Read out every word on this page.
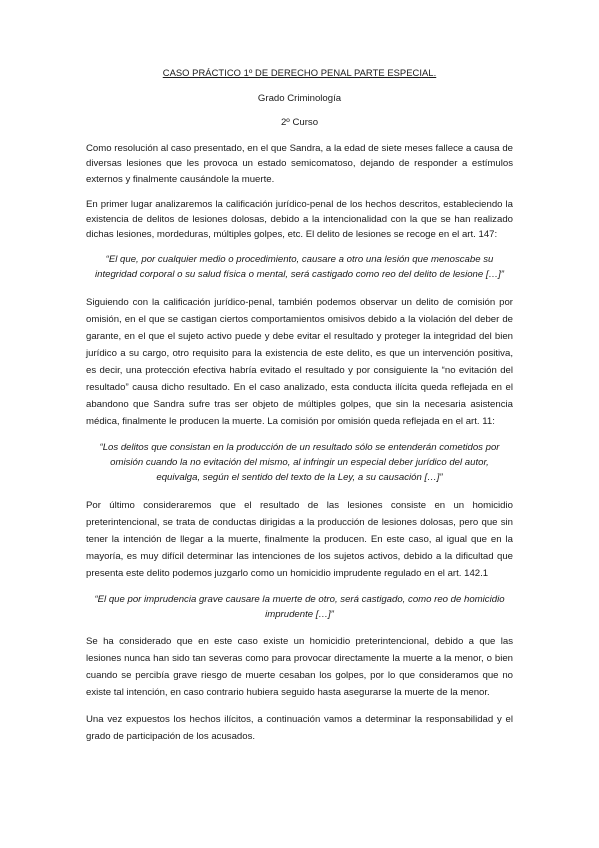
CASO PRÁCTICO 1º DE DERECHO PENAL PARTE ESPECIAL.
Grado Criminología
2º Curso

Como resolución al caso presentado, en el que Sandra, a la edad de siete meses fallece a causa de diversas lesiones que les provoca un estado semicomatoso, dejando de responder a estímulos externos y finalmente causándole la muerte.

En primer lugar analizaremos la calificación jurídico-penal de los hechos descritos, estableciendo la existencia de delitos de lesiones dolosas, debido a la intencionalidad con la que se han realizado dichas lesiones, mordeduras, múltiples golpes, etc. El delito de lesiones se recoge en el art. 147:

“El que, por cualquier medio o procedimiento, causare a otro una lesión que menoscabe su integridad corporal o su salud física o mental, será castigado como reo del delito de lesione […]”

Siguiendo con la calificación jurídico-penal, también podemos observar un delito de comisión por omisión, en el que se castigan ciertos comportamientos omisivos debido a la violación del deber de garante, en el que el sujeto activo puede y debe evitar el resultado y proteger la integridad del bien jurídico a su cargo, otro requisito para la existencia de este delito, es que un intervención positiva, es decir, una protección efectiva habría evitado el resultado y por consiguiente la “no evitación del resultado” causa dicho resultado. En el caso analizado, esta conducta ilícita queda reflejada en el abandono que Sandra sufre tras ser objeto de múltiples golpes, que sin la necesaria asistencia médica, finalmente le producen la muerte. La comisión por omisión queda reflejada en el art. 11:

“Los delitos que consistan en la producción de un resultado sólo se entenderán cometidos por omisión cuando la no evitación del mismo, al infringir un especial deber jurídico del autor, equivalga, según el sentido del texto de la Ley, a su causación […]”

Por último consideraremos que el resultado de las lesiones consiste en un homicidio preterintencional, se trata de conductas dirigidas a la producción de lesiones dolosas, pero que sin tener la intención de llegar a la muerte, finalmente la producen. En este caso, al igual que en la mayoría, es muy difícil determinar las intenciones de los sujetos activos, debido a la dificultad que presenta este delito podemos juzgarlo como un homicidio imprudente regulado en el art. 142.1

“El que por imprudencia grave causare la muerte de otro, será castigado, como reo de homicidio imprudente […]”

Se ha considerado que en este caso existe un homicidio preterintencional, debido a que las lesiones nunca han sido tan severas como para provocar directamente la muerte a la menor, o bien cuando se percibía grave riesgo de muerte cesaban los golpes, por lo que consideramos que no existe tal intención, en caso contrario hubiera seguido hasta asegurarse la muerte de la menor.

Una vez expuestos los hechos ilícitos, a continuación vamos a determinar la responsabilidad y el grado de participación de los acusados.
